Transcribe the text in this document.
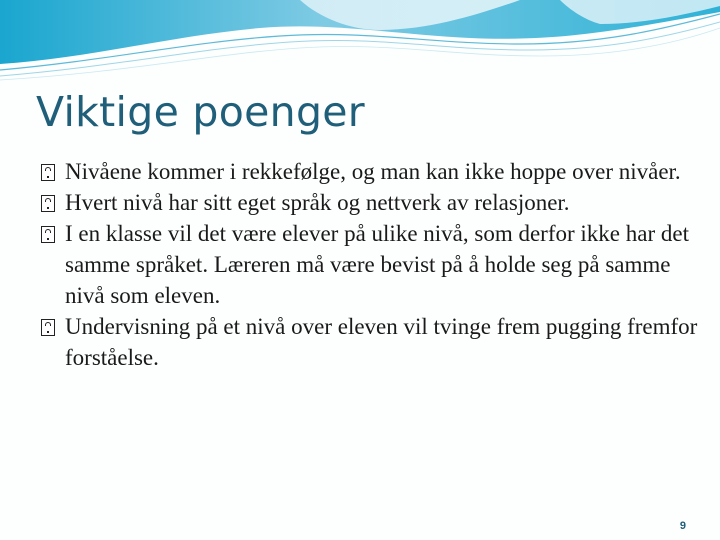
Viktige poenger
Nivåene kommer i rekkefølge, og man kan ikke hoppe over nivåer.
Hvert nivå har sitt eget språk og nettverk av relasjoner.
I en klasse vil det være elever på ulike nivå, som derfor ikke har det samme språket. Læreren må være bevist på å holde seg på samme nivå som eleven.
Undervisning på et nivå over eleven vil tvinge frem pugging fremfor forståelse.
9
